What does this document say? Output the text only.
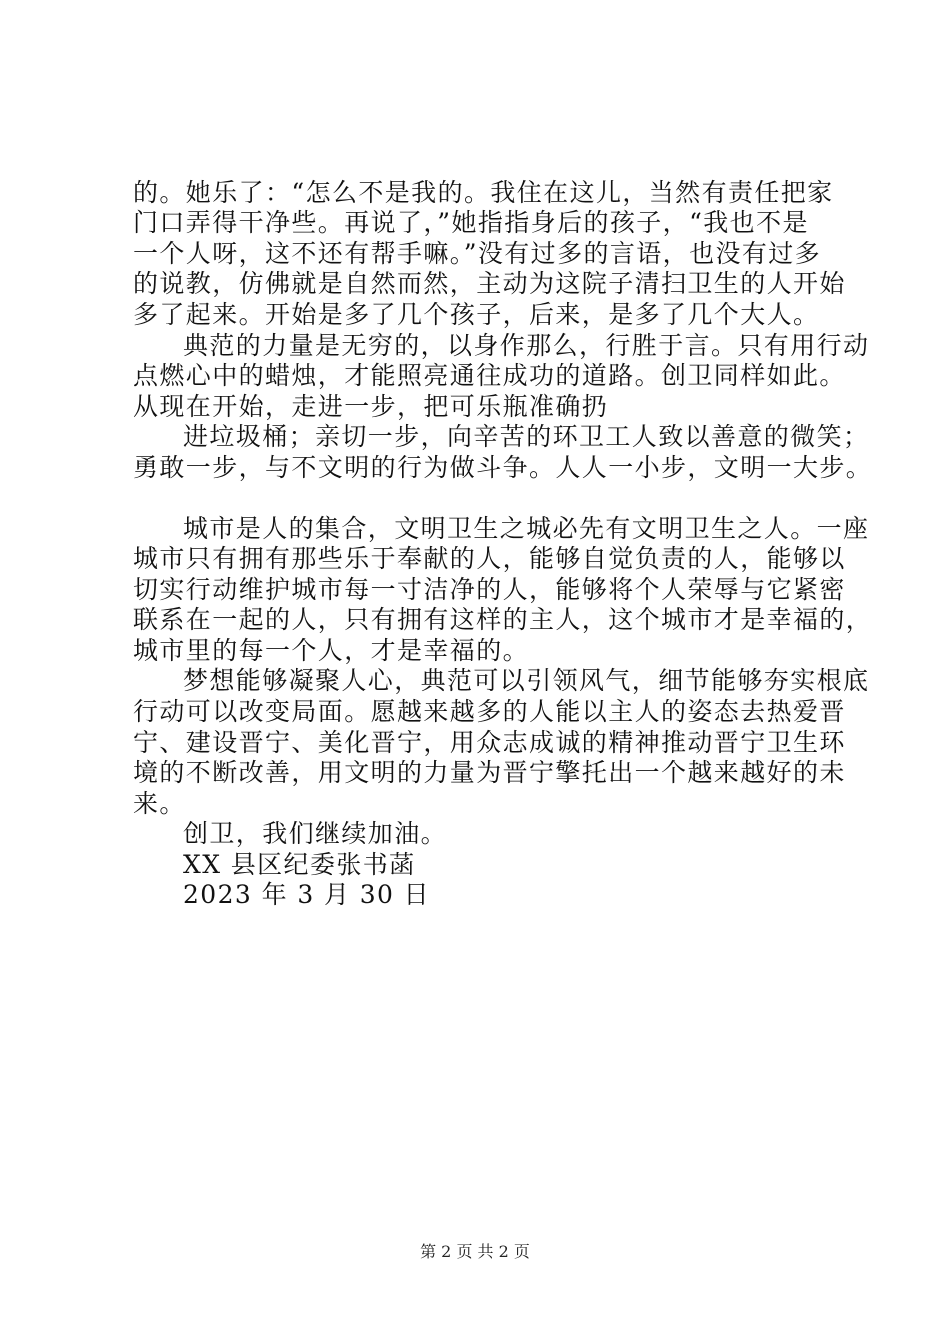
的。她乐了：“怎么不是我的。我住在这儿，当然有责任把家
门口弄得干净些。再说了，”她指指身后的孩子，“我也不是
一个人呀，这不还有帮手嘛。”没有过多的言语，也没有过多
的说教，仿佛就是自然而然，主动为这院子清扫卫生的人开始
多了起来。开始是多了几个孩子，后来，是多了几个大人。
典范的力量是无穷的，以身作那么，行胜于言。只有用行动
点燃心中的蜡烛，才能照亮通往成功的道路。创卫同样如此。
从现在开始，走进一步，把可乐瓶准确扔
进垃圾桶；亲切一步，向辛苦的环卫工人致以善意的微笑；
勇敢一步，与不文明的行为做斗争。人人一小步，文明一大步。
城市是人的集合，文明卫生之城必先有文明卫生之人。一座
城市只有拥有那些乐于奉献的人，能够自觉负责的人，能够以
切实行动维护城市每一寸洁净的人，能够将个人荣辱与它紧密
联系在一起的人，只有拥有这样的主人，这个城市才是幸福的，
城市里的每一个人，才是幸福的。
梦想能够凝聚人心，典范可以引领风气，细节能够夯实根底
行动可以改变局面。愿越来越多的人能以主人的姿态去热爱晋
宁、建设晋宁、美化晋宁，用众志成诚的精神推动晋宁卫生环
境的不断改善，用文明的力量为晋宁擎托出一个越来越好的未
来。
创卫，我们继续加油。
XX 县区纪委张书菡
2023 年 3 月 30 日
第 2 页 共 2 页
